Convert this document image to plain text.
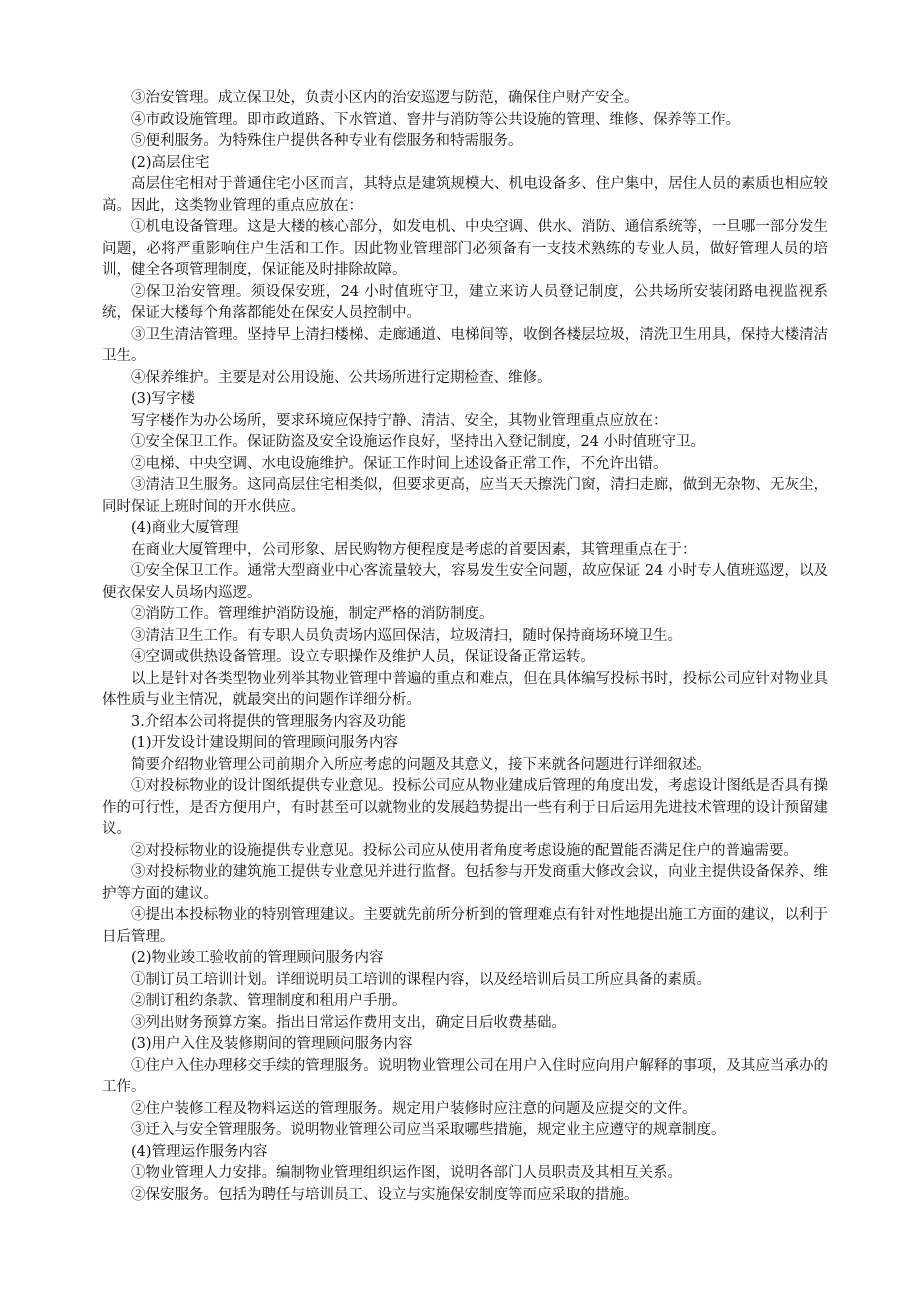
③治安管理。成立保卫处，负责小区内的治安巡逻与防范，确保住户财产安全。

④市政设施管理。即市政道路、下水管道、窨井与消防等公共设施的管理、维修、保养等工作。

⑤便利服务。为特殊住户提供各种专业有偿服务和特需服务。

(2)高层住宅

高层住宅相对于普通住宅小区而言，其特点是建筑规模大、机电设备多、住户集中，居住人员的素质也相应较高。因此，这类物业管理的重点应放在：

①机电设备管理。这是大楼的核心部分，如发电机、中央空调、供水、消防、通信系统等，一旦哪一部分发生问题，必将严重影响住户生活和工作。因此物业管理部门必须备有一支技术熟练的专业人员，做好管理人员的培训，健全各项管理制度，保证能及时排除故障。

②保卫治安管理。须设保安班，24 小时值班守卫，建立来访人员登记制度，公共场所安装闭路电视监视系统，保证大楼每个角落都能处在保安人员控制中。

③卫生清洁管理。坚持早上清扫楼梯、走廊通道、电梯间等，收倒各楼层垃圾，清洗卫生用具，保持大楼清洁卫生。

④保养维护。主要是对公用设施、公共场所进行定期检查、维修。

(3)写字楼

写字楼作为办公场所，要求环境应保持宁静、清洁、安全，其物业管理重点应放在：

①安全保卫工作。保证防盗及安全设施运作良好，坚持出入登记制度，24 小时值班守卫。

②电梯、中央空调、水电设施维护。保证工作时间上述设备正常工作，不允许出错。

③清洁卫生服务。这同高层住宅相类似，但要求更高，应当天天擦洗门窗，清扫走廊，做到无杂物、无灰尘，同时保证上班时间的开水供应。

(4)商业大厦管理

在商业大厦管理中，公司形象、居民购物方便程度是考虑的首要因素，其管理重点在于：

①安全保卫工作。通常大型商业中心客流量较大，容易发生安全问题，故应保证 24 小时专人值班巡逻，以及便衣保安人员场内巡逻。

②消防工作。管理维护消防设施，制定严格的消防制度。

③清洁卫生工作。有专职人员负责场内巡回保洁，垃圾清扫，随时保持商场环境卫生。

④空调或供热设备管理。设立专职操作及维护人员，保证设备正常运转。

以上是针对各类型物业列举其物业管理中普遍的重点和难点，但在具体编写投标书时，投标公司应针对物业具体性质与业主情况，就最突出的问题作详细分析。

3.介绍本公司将提供的管理服务内容及功能

(1)开发设计建设期间的管理顾问服务内容

简要介绍物业管理公司前期介入所应考虑的问题及其意义，接下来就各问题进行详细叙述。

①对投标物业的设计图纸提供专业意见。投标公司应从物业建成后管理的角度出发，考虑设计图纸是否具有操作的可行性，是否方便用户，有时甚至可以就物业的发展趋势提出一些有利于日后运用先进技术管理的设计预留建议。

②对投标物业的设施提供专业意见。投标公司应从使用者角度考虑设施的配置能否满足住户的普遍需要。

③对投标物业的建筑施工提供专业意见并进行监督。包括参与开发商重大修改会议，向业主提供设备保养、维护等方面的建议。

④提出本投标物业的特别管理建议。主要就先前所分析到的管理难点有针对性地提出施工方面的建议，以利于日后管理。

(2)物业竣工验收前的管理顾问服务内容

①制订员工培训计划。详细说明员工培训的课程内容，以及经培训后员工所应具备的素质。

②制订租约条款、管理制度和租用户手册。

③列出财务预算方案。指出日常运作费用支出，确定日后收费基础。

(3)用户入住及装修期间的管理顾问服务内容

①住户入住办理移交手续的管理服务。说明物业管理公司在用户入住时应向用户解释的事项，及其应当承办的工作。

②住户装修工程及物料运送的管理服务。规定用户装修时应注意的问题及应提交的文件。

③迁入与安全管理服务。说明物业管理公司应当采取哪些措施，规定业主应遵守的规章制度。

(4)管理运作服务内容

①物业管理人力安排。编制物业管理组织运作图，说明各部门人员职责及其相互关系。

②保安服务。包括为聘任与培训员工、设立与实施保安制度等而应采取的措施。
